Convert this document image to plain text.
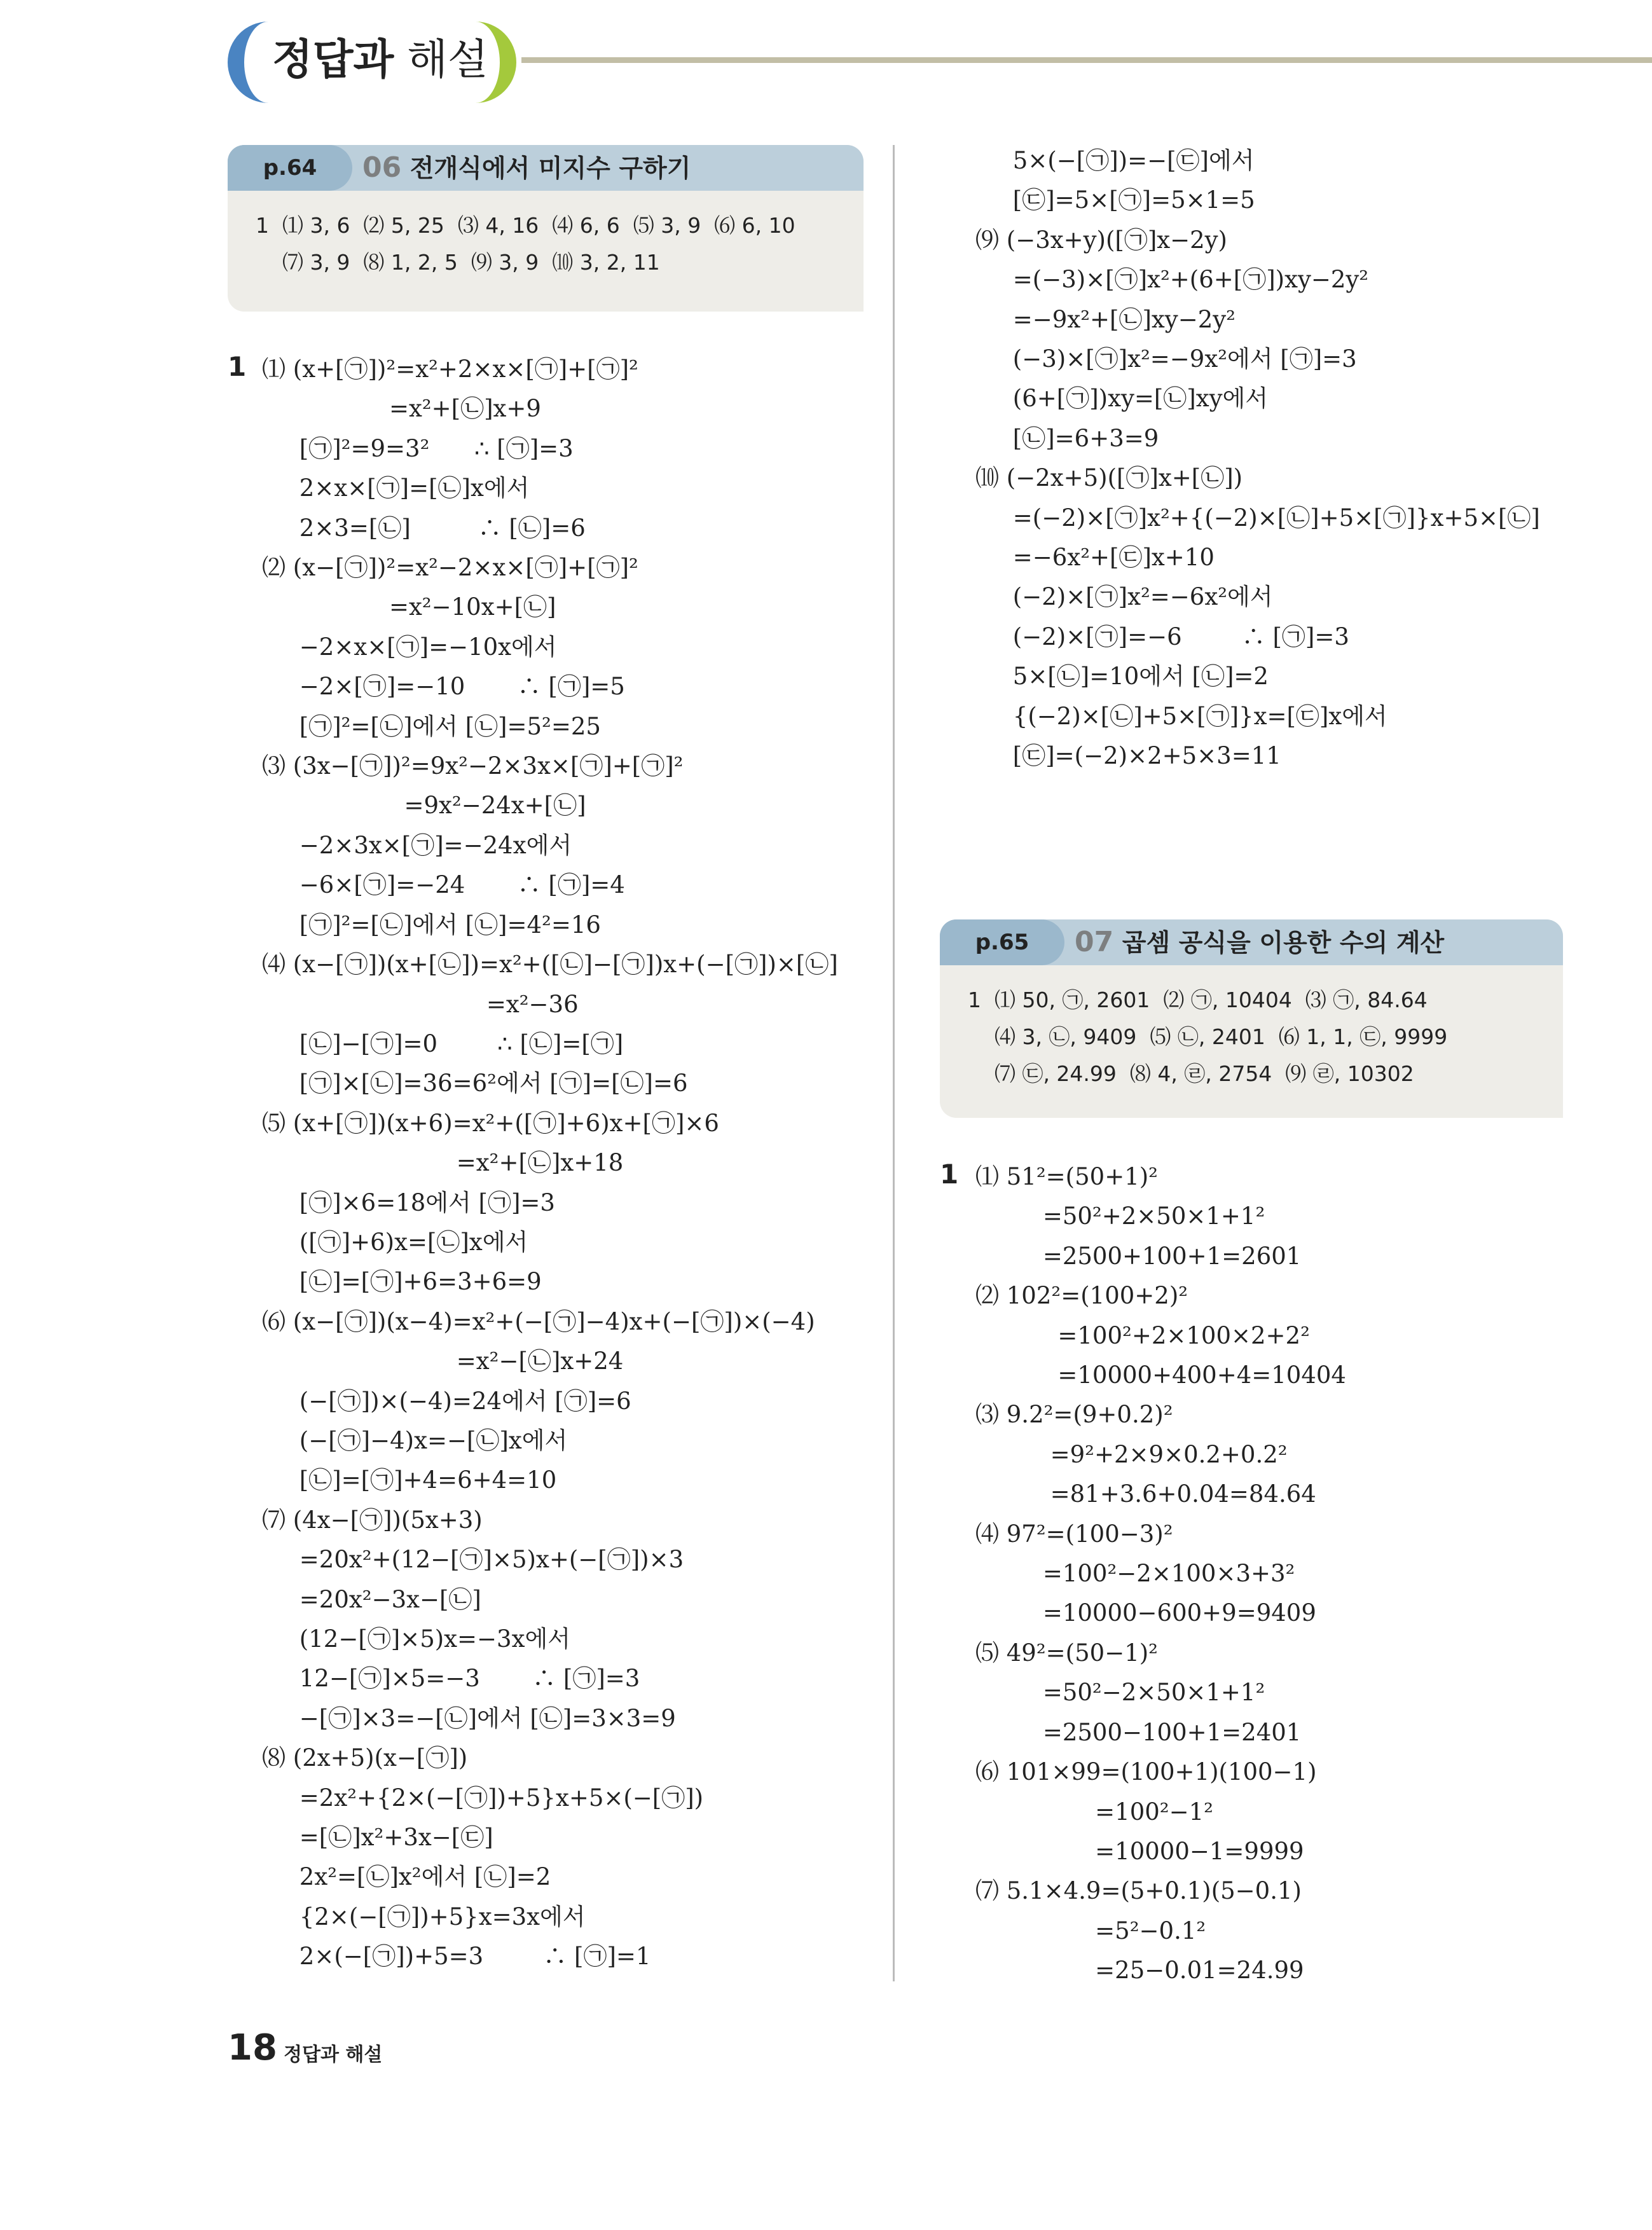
정답과 해설
p.64	06 전개식에서 미지수 구하기
1  ⑴ 3, 6  ⑵ 5, 25  ⑶ 4, 16  ⑷ 6, 6  ⑸ 3, 9  ⑹ 6, 10
⑺ 3, 9  ⑻ 1, 2, 5  ⑼ 3, 9  ⑽ 3, 2, 11
1 ⑴ (x+[㉠])²=x²+2×x×[㉠]+[㉠]²
=x²+[㉡]x+9
[㉠]²=9=3²      ∴ [㉠]=3
2×x×[㉠]=[㉡]x에서
2×3=[㉡]         ∴ [㉡]=6
⑵ (x−[㉠])²=x²−2×x×[㉠]+[㉠]²
=x²−10x+[㉡]
−2×x×[㉠]=−10x에서
−2×[㉠]=−10       ∴ [㉠]=5
[㉠]²=[㉡]에서 [㉡]=5²=25
⑶ (3x−[㉠])²=9x²−2×3x×[㉠]+[㉠]²
=9x²−24x+[㉡]
−2×3x×[㉠]=−24x에서
−6×[㉠]=−24       ∴ [㉠]=4
[㉠]²=[㉡]에서 [㉡]=4²=16
⑷ (x−[㉠])(x+[㉡])=x²+([㉡]−[㉠])x+(−[㉠])×[㉡]
=x²−36
[㉡]−[㉠]=0        ∴ [㉡]=[㉠]
[㉠]×[㉡]=36=6²에서 [㉠]=[㉡]=6
⑸ (x+[㉠])(x+6)=x²+([㉠]+6)x+[㉠]×6
=x²+[㉡]x+18
[㉠]×6=18에서 [㉠]=3
([㉠]+6)x=[㉡]x에서
[㉡]=[㉠]+6=3+6=9
⑹ (x−[㉠])(x−4)=x²+(−[㉠]−4)x+(−[㉠])×(−4)
=x²−[㉡]x+24
(−[㉠])×(−4)=24에서 [㉠]=6
(−[㉠]−4)x=−[㉡]x에서
[㉡]=[㉠]+4=6+4=10
⑺ (4x−[㉠])(5x+3)
=20x²+(12−[㉠]×5)x+(−[㉠])×3
=20x²−3x−[㉡]
(12−[㉠]×5)x=−3x에서
12−[㉠]×5=−3       ∴ [㉠]=3
−[㉠]×3=−[㉡]에서 [㉡]=3×3=9
⑻ (2x+5)(x−[㉠])
=2x²+{2×(−[㉠])+5}x+5×(−[㉠])
=[㉡]x²+3x−[㉢]
2x²=[㉡]x²에서 [㉡]=2
{2×(−[㉠])+5}x=3x에서
2×(−[㉠])+5=3        ∴ [㉠]=1
5×(−[㉠])=−[㉢]에서
[㉢]=5×[㉠]=5×1=5
⑼ (−3x+y)([㉠]x−2y)
=(−3)×[㉠]x²+(6+[㉠])xy−2y²
=−9x²+[㉡]xy−2y²
(−3)×[㉠]x²=−9x²에서 [㉠]=3
(6+[㉠])xy=[㉡]xy에서
[㉡]=6+3=9
⑽ (−2x+5)([㉠]x+[㉡])
=(−2)×[㉠]x²+{(−2)×[㉡]+5×[㉠]}x+5×[㉡]
=−6x²+[㉢]x+10
(−2)×[㉠]x²=−6x²에서
(−2)×[㉠]=−6        ∴ [㉠]=3
5×[㉡]=10에서 [㉡]=2
{(−2)×[㉡]+5×[㉠]}x=[㉢]x에서
[㉢]=(−2)×2+5×3=11
p.65	07 곱셈 공식을 이용한 수의 계산
1  ⑴ 50, ㉠, 2601  ⑵ ㉠, 10404  ⑶ ㉠, 84.64
⑷ 3, ㉡, 9409  ⑸ ㉡, 2401  ⑹ 1, 1, ㉢, 9999
⑺ ㉢, 24.99  ⑻ 4, ㉣, 2754  ⑼ ㉣, 10302
1 ⑴ 51²=(50+1)²
=50²+2×50×1+1²
=2500+100+1=2601
⑵ 102²=(100+2)²
=100²+2×100×2+2²
=10000+400+4=10404
⑶ 9.2²=(9+0.2)²
=9²+2×9×0.2+0.2²
=81+3.6+0.04=84.64
⑷ 97²=(100−3)²
=100²−2×100×3+3²
=10000−600+9=9409
⑸ 49²=(50−1)²
=50²−2×50×1+1²
=2500−100+1=2401
⑹ 101×99=(100+1)(100−1)
=100²−1²
=10000−1=9999
⑺ 5.1×4.9=(5+0.1)(5−0.1)
=5²−0.1²
=25−0.01=24.99
18 정답과 해설
